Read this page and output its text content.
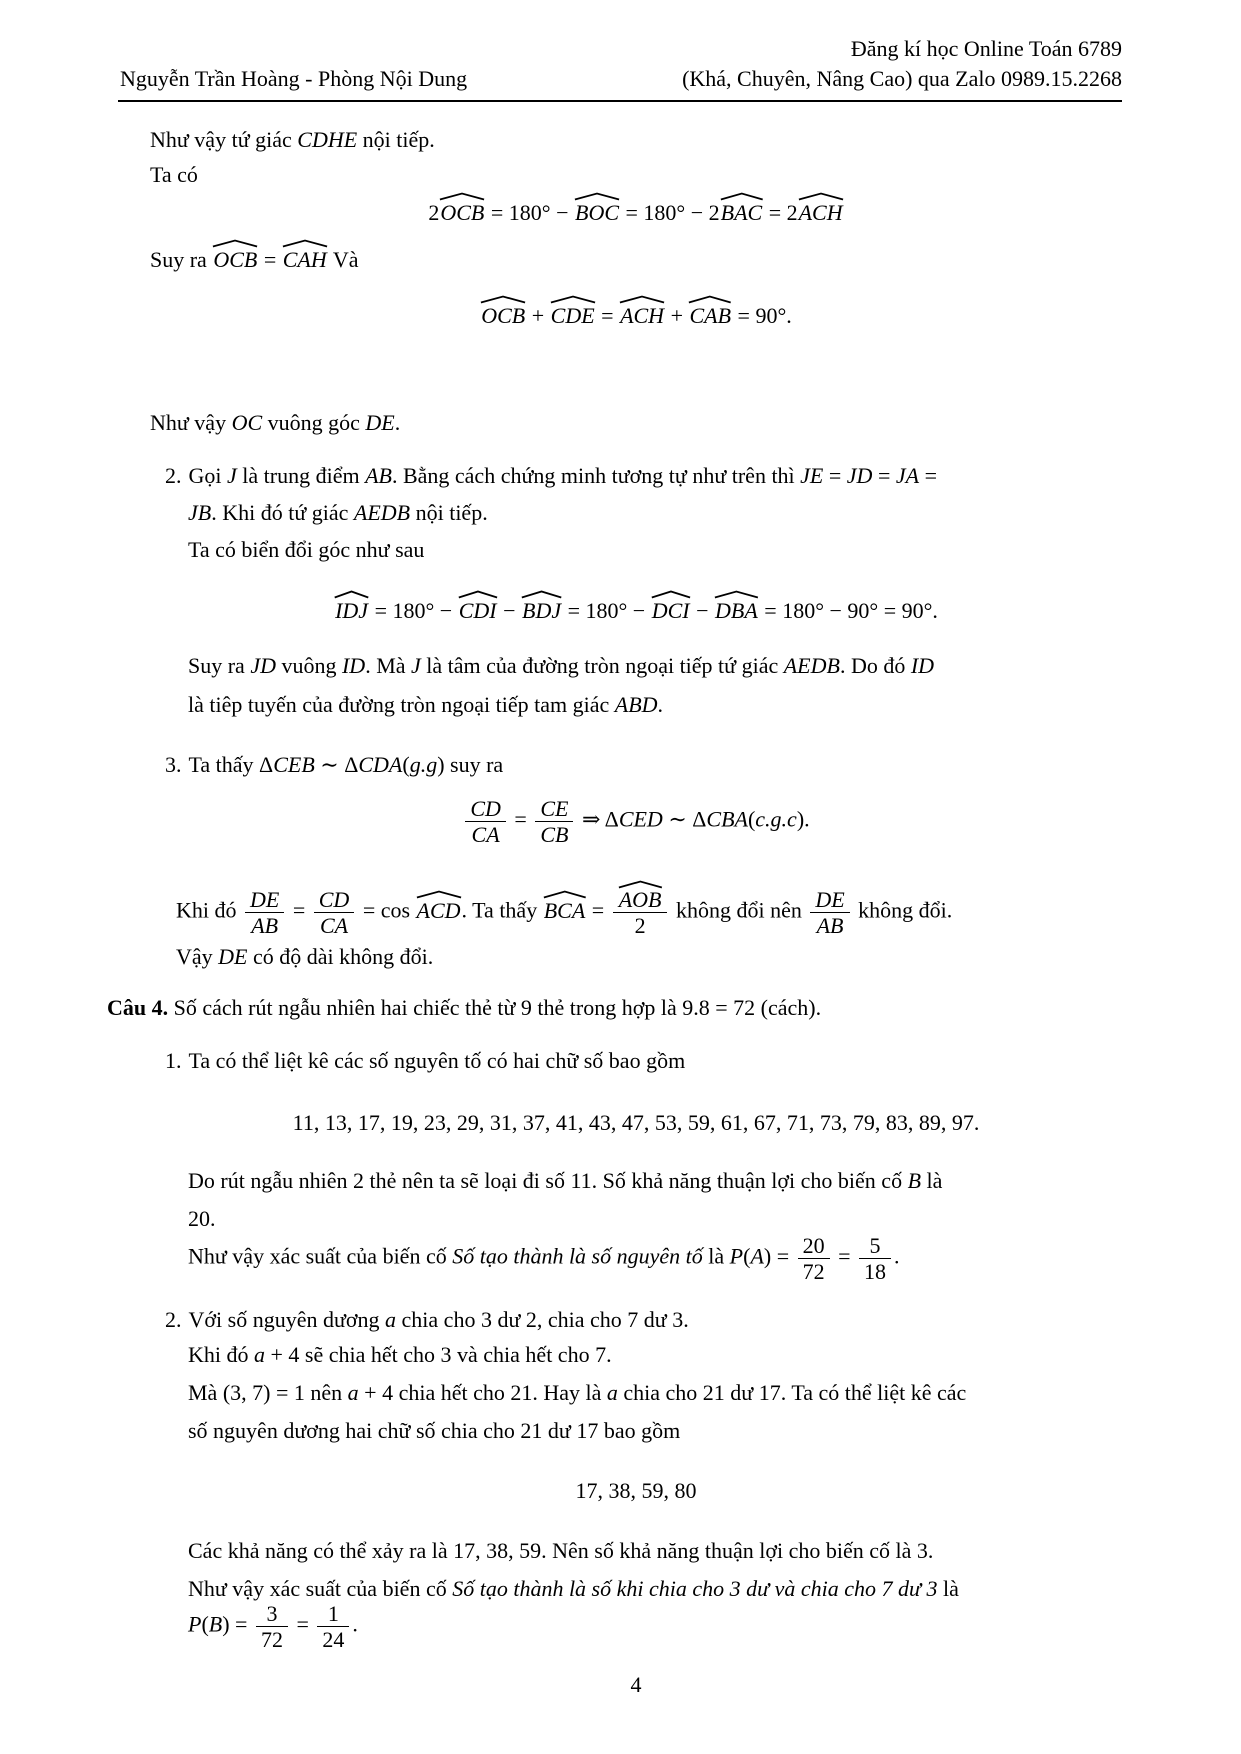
Nguyễn Trần Hoàng - Phòng Nội Dung
Đăng kí học Online Toán 6789
(Khá, Chuyên, Nâng Cao) qua Zalo 0989.15.2268
Như vậy tứ giác CDHE nội tiếp.
Ta có
2
OCB = 180° −
BOC = 180° − 2
BAC = 2
ACH
Suy ra
OCB =
CAH Và
OCB +
CDE =
ACH +
CAB = 90°.
Như vậy OC vuông góc DE.
2. Gọi J là trung điểm AB. Bằng cách chứng minh tương tự như trên thì JE = JD = JA =
JB. Khi đó tứ giác AEDB nội tiếp.
Ta có biển đổi góc như sau
IDJ = 180° −
CDI −
BDJ = 180° −
DCI −
DBA = 180° − 90° = 90°.
Suy ra JD vuông ID. Mà J là tâm của đường tròn ngoại tiếp tứ giác AEDB. Do đó ID
là tiêp tuyến của đường tròn ngoại tiếp tam giác ABD.
3. Ta thấy ΔCEB ∼ ΔCDA(g.g) suy ra
$\frac{CD}{CA} = \frac{CE}{CB}$ ⇒ ΔCED ∼ ΔCBA(c.g.c).
Khi đó $\frac{DE}{AB} = \frac{CD}{CA} = \cos$
ACD. Ta thấy
BCA = $\frac{\text{AOB}}{2}$ không đổi nên $\frac{DE}{AB}$ không đổi.
Vậy DE có độ dài không đổi.
Câu 4. Số cách rút ngẫu nhiên hai chiếc thẻ từ 9 thẻ trong hợp là 9.8 = 72 (cách).
1. Ta có thể liệt kê các số nguyên tố có hai chữ số bao gồm
11, 13, 17, 19, 23, 29, 31, 37, 41, 43, 47, 53, 59, 61, 67, 71, 73, 79, 83, 89, 97.
Do rút ngẫu nhiên 2 thẻ nên ta sẽ loại đi số 11. Số khả năng thuận lợi cho biến cố B là
20.
Như vậy xác suất của biến cố Số tạo thành là số nguyên tố là $P(A) = \frac{20}{72} = \frac{5}{18}$ .
2. Với số nguyên dương a chia cho 3 dư 2, chia cho 7 dư 3.
Khi đó a + 4 sẽ chia hết cho 3 và chia hết cho 7.
Mà (3, 7) = 1 nên a + 4 chia hết cho 21. Hay là a chia cho 21 dư 17. Ta có thể liệt kê các
số nguyên dương hai chữ số chia cho 21 dư 17 bao gồm
17, 38, 59, 80
Các khả năng có thể xảy ra là 17, 38, 59. Nên số khả năng thuận lợi cho biến cố là 3.
Như vậy xác suất của biến cố Số tạo thành là số khi chia cho 3 dư và chia cho 7 dư 3 là
$P(B) = \frac{3}{72} = \frac{1}{24}$ .
4
